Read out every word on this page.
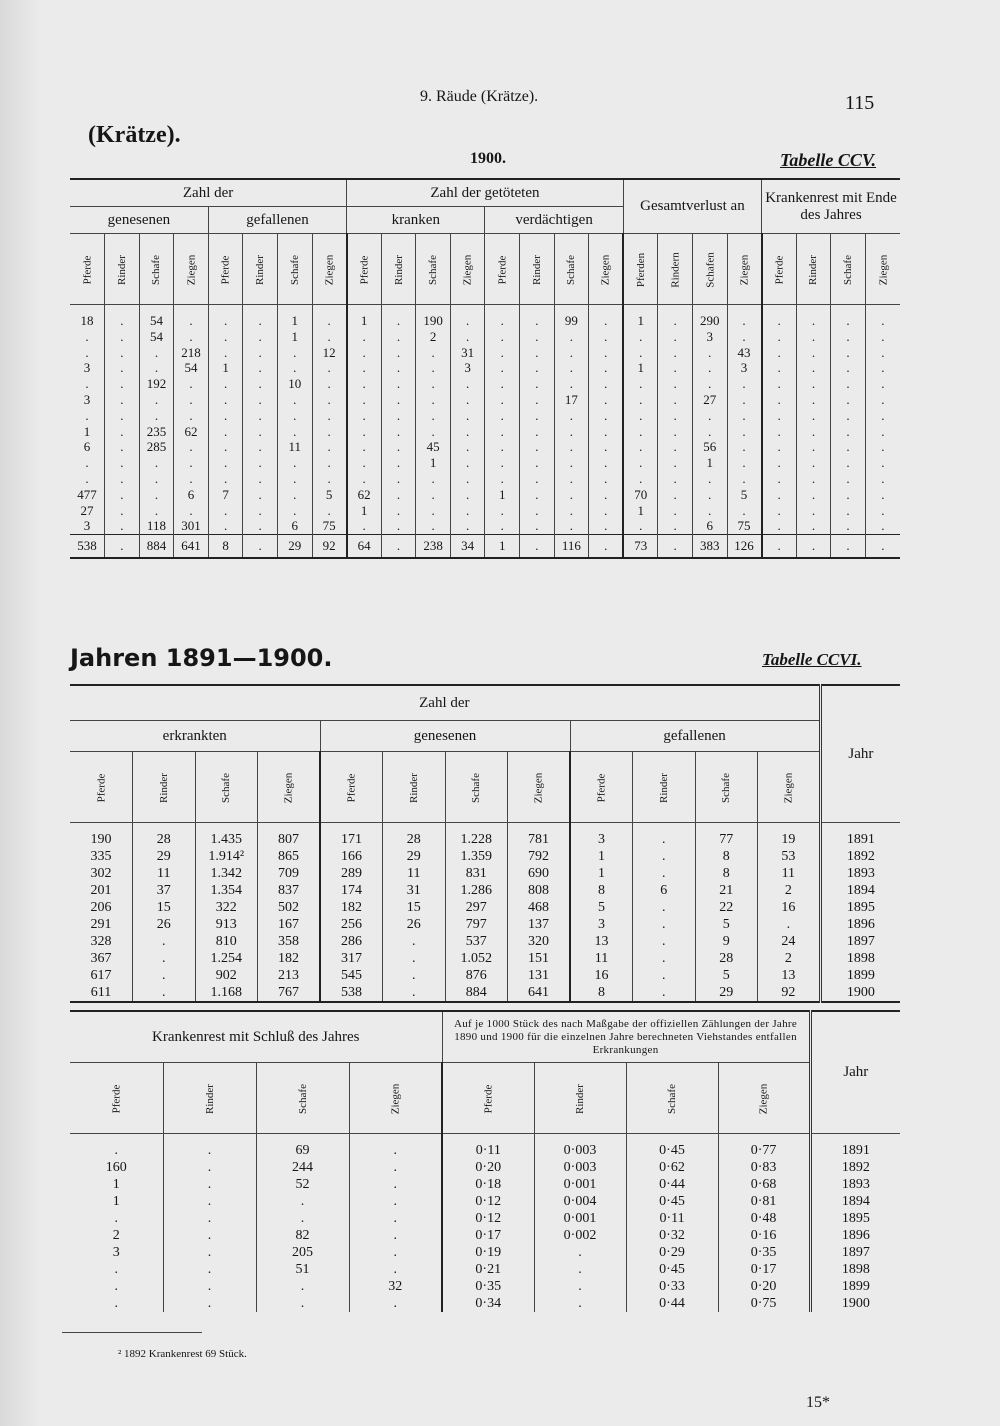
9. Räude (Krätze).	115
(Krätze).
1900.	Tabelle CCV.
Zahl der								Zahl der getöteten								Gesamtverlust an				Krankenrest mit Ende des Jahres			
genesenen				gefallenen				kranken				verdächtigen											
Pferde	Rinder	Schafe	Ziegen	Pferde	Rinder	Schafe	Ziegen	Pferde	Rinder	Schafe	Ziegen	Pferde	Rinder	Schafe	Ziegen	Pferden	Rindern	Schafen	Ziegen	Pferde	Rinder	Schafe	Ziegen
18	.	54	.	.	.	1	.	1	.	190	.	.	.	99	.	1	.	290	.	.	.	.	.
.	.	54	.	.	.	1	.	.	.	2	.	.	.	.	.	.	.	3	.	.	.	.	.
.	.	.	218	.	.	.	12	.	.	.	31	.	.	.	.	.	.	.	43	.	.	.	.
3	.	.	54	1	.	.	.	.	.	.	3	.	.	.	.	1	.	.	3	.	.	.	.
.	.	192	.	.	.	10	.	.	.	.	.	.	.	.	.	.	.	.	.	.	.	.	.
3	.	.	.	.	.	.	.	.	.	.	.	.	.	17	.	.	.	27	.	.	.	.	.
.	.	.	.	.	.	.	.	.	.	.	.	.	.	.	.	.	.	.	.	.	.	.	.
1	.	235	62	.	.	.	.	.	.	.	.	.	.	.	.	.	.	.	.	.	.	.	.
6	.	285	.	.	.	11	.	.	.	45	.	.	.	.	.	.	.	56	.	.	.	.	.
.	.	.	.	.	.	.	.	.	.	1	.	.	.	.	.	.	.	1	.	.	.	.	.
.	.	.	.	.	.	.	.	.	.	.	.	.	.	.	.	.	.	.	.	.	.	.	.
477	.	.	6	7	.	.	5	62	.	.	.	1	.	.	.	70	.	.	5	.	.	.	.
27	.	.	.	.	.	.	.	1	.	.	.	.	.	.	.	1	.	.	.	.	.	.	.
3	.	118	301	.	.	6	75	.	.	.	.	.	.	.	.	.	.	6	75	.	.	.	.
538	.	884	641	8	.	29	92	64	.	238	34	1	.	116	.	73	.	383	126	.	.	.	.
Jahren 1891—1900.	Tabelle CCVI.
Zahl der												Jahr
erkrankten				genesenen				gefallenen				
Pferde	Rinder	Schafe	Ziegen	Pferde	Rinder	Schafe	Ziegen	Pferde	Rinder	Schafe	Ziegen	
190	28	1.435	807	171	28	1.228	781	3	.	77	19	1891
335	29	1.914²	865	166	29	1.359	792	1	.	8	53	1892
302	11	1.342	709	289	11	831	690	1	.	8	11	1893
201	37	1.354	837	174	31	1.286	808	8	6	21	2	1894
206	15	322	502	182	15	297	468	5	.	22	16	1895
291	26	913	167	256	26	797	137	3	.	5	.	1896
328	.	810	358	286	.	537	320	13	.	9	24	1897
367	.	1.254	182	317	.	1.052	151	11	.	28	2	1898
617	.	902	213	545	.	876	131	16	.	5	13	1899
611	.	1.168	767	538	.	884	641	8	.	29	92	1900
Krankenrest mit Schluß des Jahres				Auf je 1000 Stück des nach Maßgabe der offiziellen Zählungen der Jahre 1890 und 1900 für die einzelnen Jahre berechneten Viehstandes entfallen Erkrankungen				Jahr
Pferde	Rinder	Schafe	Ziegen	Pferde	Rinder	Schafe	Ziegen	
.	.	69	.	0·11	0·003	0·45	0·77	1891
160	.	244	.	0·20	0·003	0·62	0·83	1892
1	.	52	.	0·18	0·001	0·44	0·68	1893
1	.	.	.	0·12	0·004	0·45	0·81	1894
.	.	.	.	0·12	0·001	0·11	0·48	1895
2	.	82	.	0·17	0·002	0·32	0·16	1896
3	.	205	.	0·19	.	0·29	0·35	1897
.	.	51	.	0·21	.	0·45	0·17	1898
.	.	.	32	0·35	.	0·33	0·20	1899
.	.	.	.	0·34	.	0·44	0·75	1900
² 1892 Krankenrest 69 Stück.
15*
